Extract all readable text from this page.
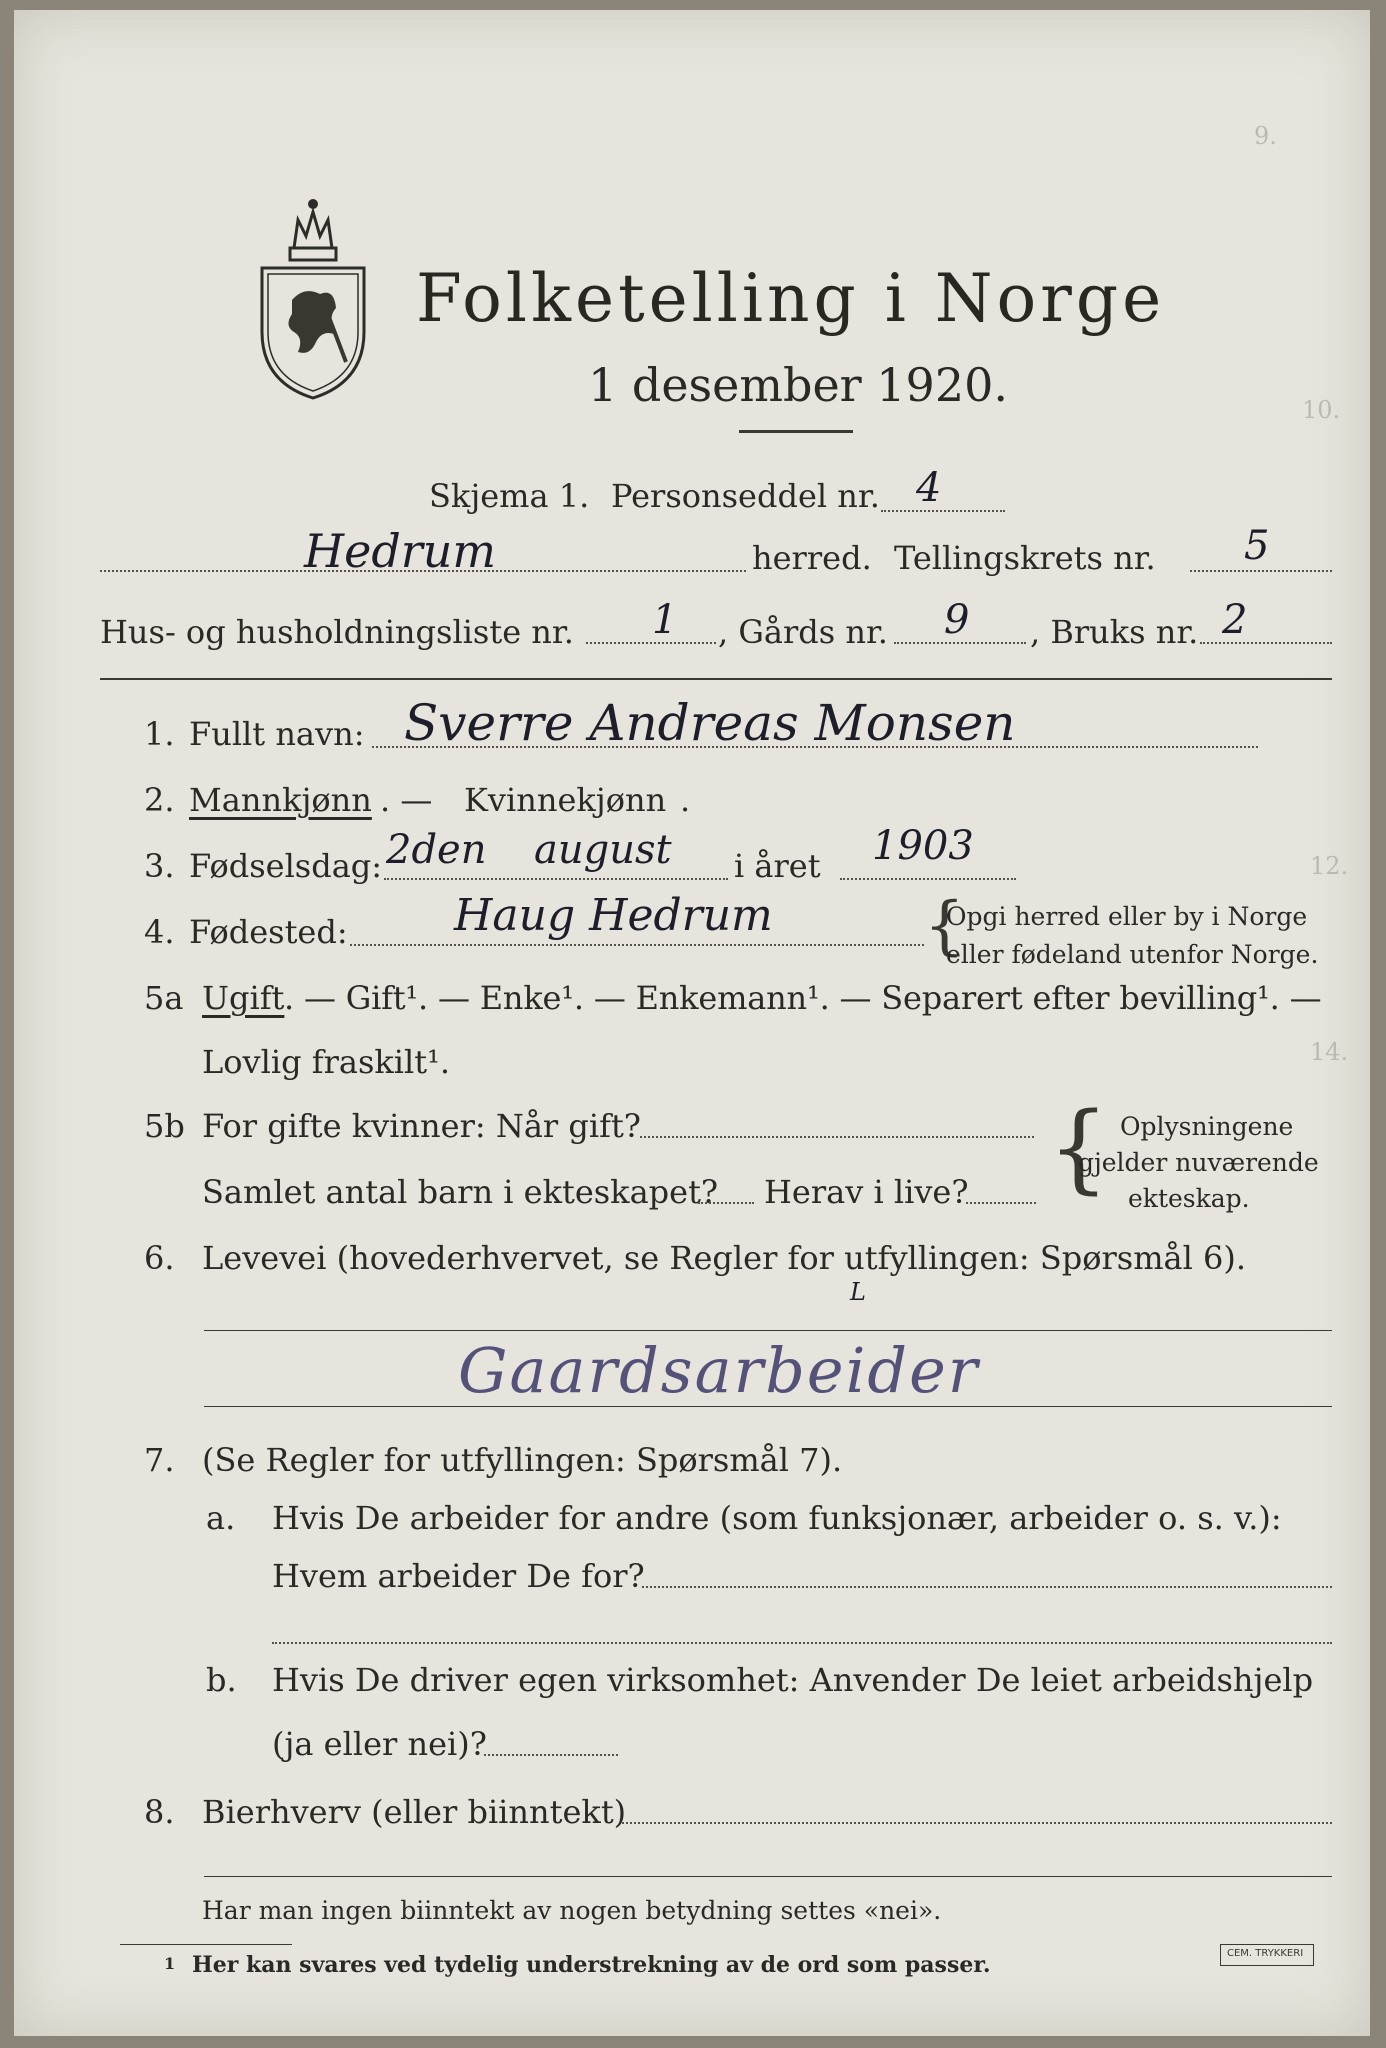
9.
10.
12.
14.
Folketelling i Norge
1 desember 1920.
Skjema 1. Personseddel nr. 4
Hedrum	herred. Tellingskrets nr. 5
Hus- og husholdningsliste nr. 1 , Gårds nr. 9 , Bruks nr. 2
1. Fullt navn: Sverre Andreas Monsen
2. Mannkjønn . — Kvinnekjønn .
3. Fødselsdag: 2den august i året 1903
4. Fødested: Haug Hedrum {
Opgi herred eller by i Norge
eller fødeland utenfor Norge.
5a Ugift . — Gift¹. — Enke¹. — Enkemann¹. — Separert efter bevilling¹. —
Lovlig fraskilt¹.
5b For gifte kvinner: Når gift?
Samlet antal barn i ekteskapet? Herav i live? { Oplysningene
gjelder nuværende
ekteskap.
6. Levevei (hovederhvervet, se Regler for utfyllingen: Spørsmål 6).
L
Gaardsarbeider
7. (Se Regler for utfyllingen: Spørsmål 7).
a. Hvis De arbeider for andre (som funksjonær, arbeider o. s. v.):
Hvem arbeider De for?
b. Hvis De driver egen virksomhet: Anvender De leiet arbeidshjelp
(ja eller nei)?
8. Bierhverv (eller biinntekt)
Har man ingen biinntekt av nogen betydning settes «nei».
1 Her kan svares ved tydelig understrekning av de ord som passer.	CEM. TRYKKERI
